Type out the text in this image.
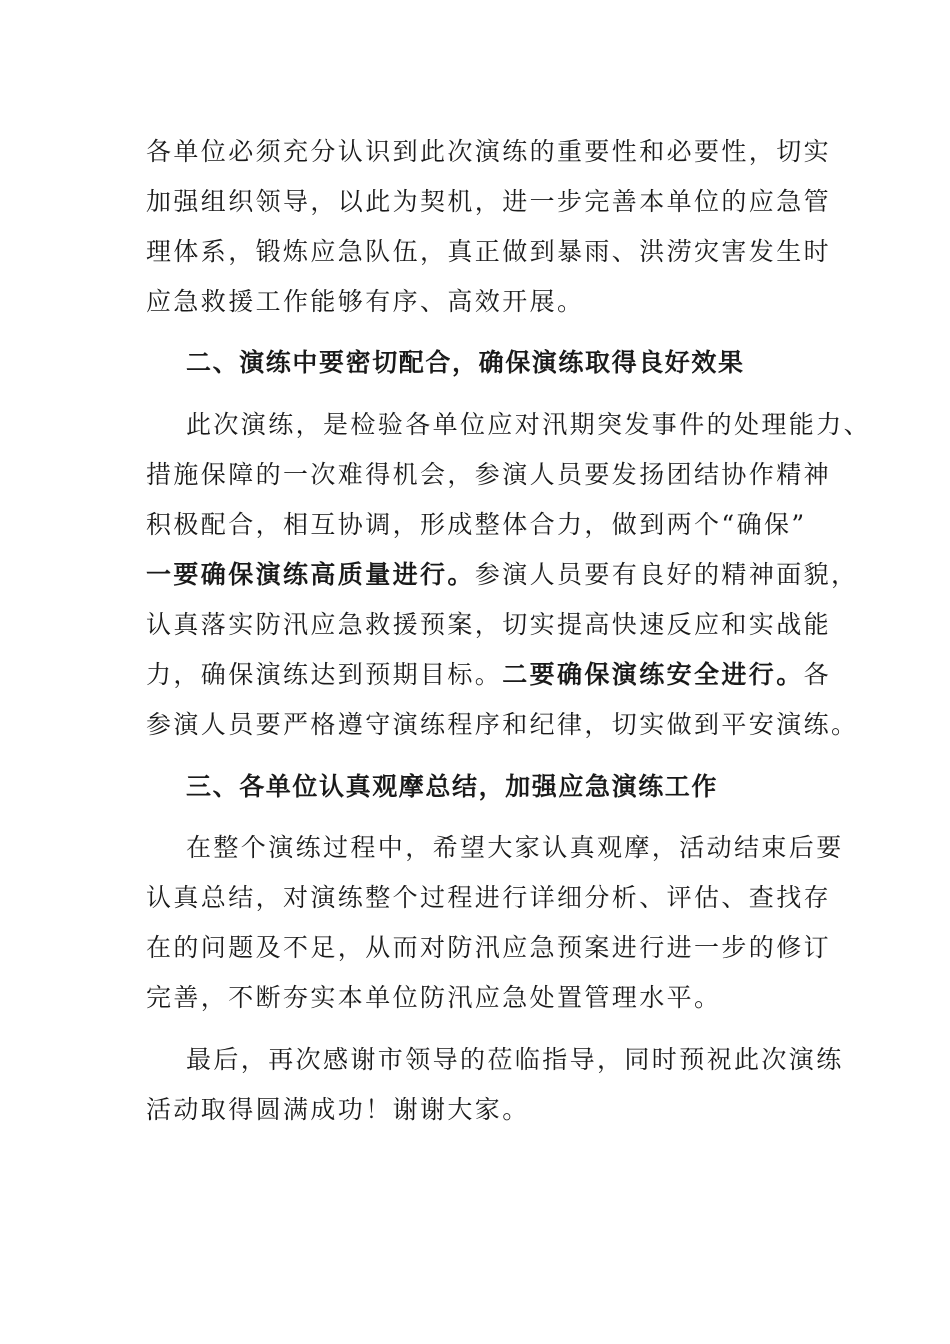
各单位必须充分认识到此次演练的重要性和必要性，切实
加强组织领导，以此为契机，进一步完善本单位的应急管
理体系，锻炼应急队伍，真正做到暴雨、洪涝灾害发生时
应急救援工作能够有序、高效开展。
二、演练中要密切配合，确保演练取得良好效果
此次演练，是检验各单位应对汛期突发事件的处理能力、
措施保障的一次难得机会，参演人员要发扬团结协作精神
积极配合，相互协调，形成整体合力，做到两个“确保”
一要确保演练高质量进行。参演人员要有良好的精神面貌，
认真落实防汛应急救援预案，切实提高快速反应和实战能
力，确保演练达到预期目标。二要确保演练安全进行。各
参演人员要严格遵守演练程序和纪律，切实做到平安演练。
三、各单位认真观摩总结，加强应急演练工作
在整个演练过程中，希望大家认真观摩，活动结束后要
认真总结，对演练整个过程进行详细分析、评估、查找存
在的问题及不足，从而对防汛应急预案进行进一步的修订
完善，不断夯实本单位防汛应急处置管理水平。
最后，再次感谢市领导的莅临指导，同时预祝此次演练
活动取得圆满成功！谢谢大家。
